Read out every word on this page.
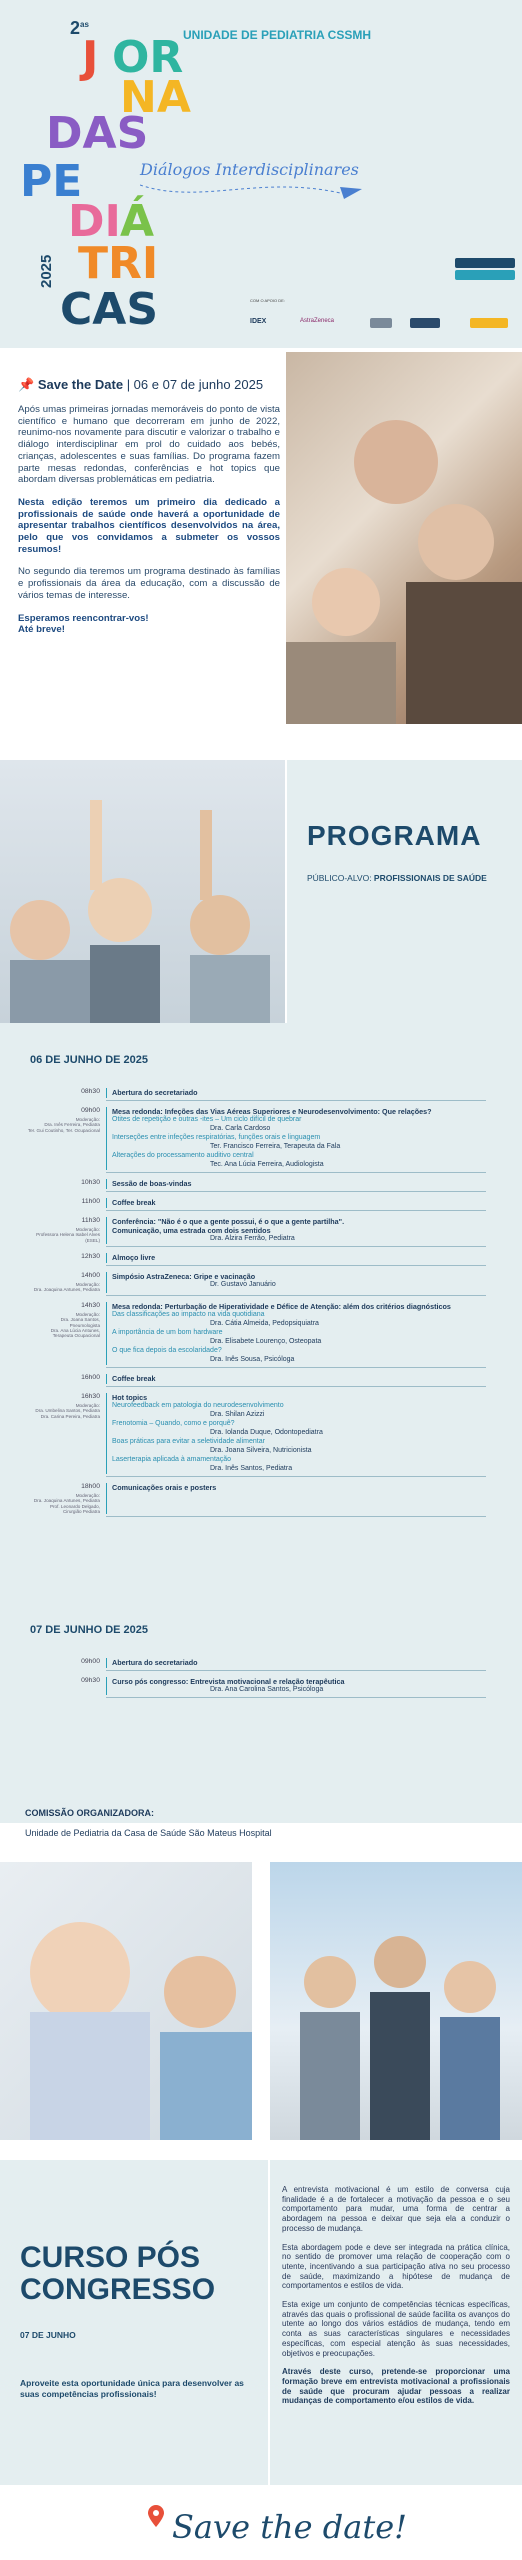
$2^{as}$
UNIDADE DE PEDIATRIA CSSMH
J OR
NA
DAS
PE
DI Á
TRI
CAS
Diálogos Interdisciplinares
2025
COM O APOIO DE:
IDEX	AstraZeneca
📌 Save the Date | 06 e 07 de junho 2025

Após umas primeiras jornadas memoráveis do ponto de vista científico e humano que decorreram em junho de 2022, reunimo-nos novamente para discutir e valorizar o trabalho e diálogo interdisciplinar em prol do cuidado aos bebés, crianças, adolescentes e suas famílias. Do programa fazem parte mesas redondas, conferências e hot topics que abordam diversas problemáticas em pediatria.

Nesta edição teremos um primeiro dia dedicado a profissionais de saúde onde haverá a oportunidade de apresentar trabalhos científicos desenvolvidos na área, pelo que vos convidamos a submeter os vossos resumos!

No segundo dia teremos um programa destinado às famílias e profissionais da área da educação, com a discussão de vários temas de interesse.

Esperamos reencontrar-vos!
Até breve!

PROGRAMA
PÚBLICO-ALVO: PROFISSIONAIS DE SAÚDE
06 DE JUNHO DE 2025
Abertura do secretariado
08h30
Mesa redonda: Infeções das Vias Aéreas Superiores e Neurodesenvolvimento: Que relações?
Otites de repetição e outras -ites – Um ciclo difícil de quebrar
Dra. Carla Cardoso
Interseções entre infeções respiratórias, funções orais e linguagem
Ter. Francisco Ferreira, Terapeuta da Fala
Alterações do processamento auditivo central
Tec. Ana Lúcia Ferreira, Audiologista
09h00
Moderação:
Dra. Inês Ferreira, Pediatra
Ter. Gui Coutinho, Ter. Ocupacional
Sessão de boas-vindas
10h30
Coffee break
11h00
Conferência: "Não é o que a gente possui, é o que a gente partilha".
Comunicação, uma estrada com dois sentidos
Dra. Alzira Ferrão, Pediatra
11h30
Moderação:
Professora Helena Isabel Alves
(ESEL)
Almoço livre
12h30
Simpósio AstraZeneca: Gripe e vacinação
Dr. Gustavo Januário
14h00
Moderação:
Dra. Joaquina Antunes, Pediatra
Mesa redonda: Perturbação de Hiperatividade e Défice de Atenção: além dos critérios diagnósticos
Das classificações ao impacto na vida quotidiana
Dra. Cátia Almeida, Pedopsiquiatra
A importância de um bom hardware
Dra. Elisabete Lourenço, Osteopata
O que fica depois da escolaridade?
Dra. Inês Sousa, Psicóloga
14h30
Moderação:
Dra. Joana Santos,
Pneumologista
Dra. Ana Lúcia Antunes,
Terapeuta Ocupacional
Coffee break
16h00
Hot topics
Neurofeedback em patologia do neurodesenvolvimento
Dra. Shilan Azizzi
Frenotomia – Quando, como e porquê?
Dra. Iolanda Duque, Odontopediatra
Boas práticas para evitar a seletividade alimentar
Dra. Joana Silveira, Nutricionista
Laserterapia aplicada à amamentação
Dra. Inês Santos, Pediatra
16h30
Moderação:
Dra. Umbelina Santos, Pediatra
Dra. Carina Pereira, Pediatra
Comunicações orais e posters
18h00
Moderação:
Dra. Joaquina Antunes, Pediatra
Prof. Leonardo Delgado,
Cirurgião Pediatra
07 DE JUNHO DE 2025
Abertura do secretariado
09h00
Curso pós congresso: Entrevista motivacional e relação terapêutica
Dra. Ana Carolina Santos, Psicóloga
09h30
COMISSÃO ORGANIZADORA:

Unidade de Pediatria da Casa de Saúde São Mateus Hospital
CURSO PÓS
CONGRESSO
07 DE JUNHO
Aproveite esta oportunidade única para desenvolver as suas competências profissionais!

A entrevista motivacional é um estilo de conversa cuja finalidade é a de fortalecer a motivação da pessoa e o seu comportamento para mudar, uma forma de centrar a abordagem na pessoa e deixar que seja ela a conduzir o processo de mudança.

Esta abordagem pode e deve ser integrada na prática clínica, no sentido de promover uma relação de cooperação com o utente, incentivando a sua participação ativa no seu processo de saúde, maximizando a hipótese de mudança de comportamentos e estilos de vida.

Esta exige um conjunto de competências técnicas específicas, através das quais o profissional de saúde facilita os avanços do utente ao longo dos vários estádios de mudança, tendo em conta as suas características singulares e necessidades específicas, com especial atenção às suas necessidades, objetivos e preocupações.

Através deste curso, pretende-se proporcionar uma formação breve em entrevista motivacional a profissionais de saúde que procuram ajudar pessoas a realizar mudanças de comportamento e/ou estilos de vida.

Save the date!
